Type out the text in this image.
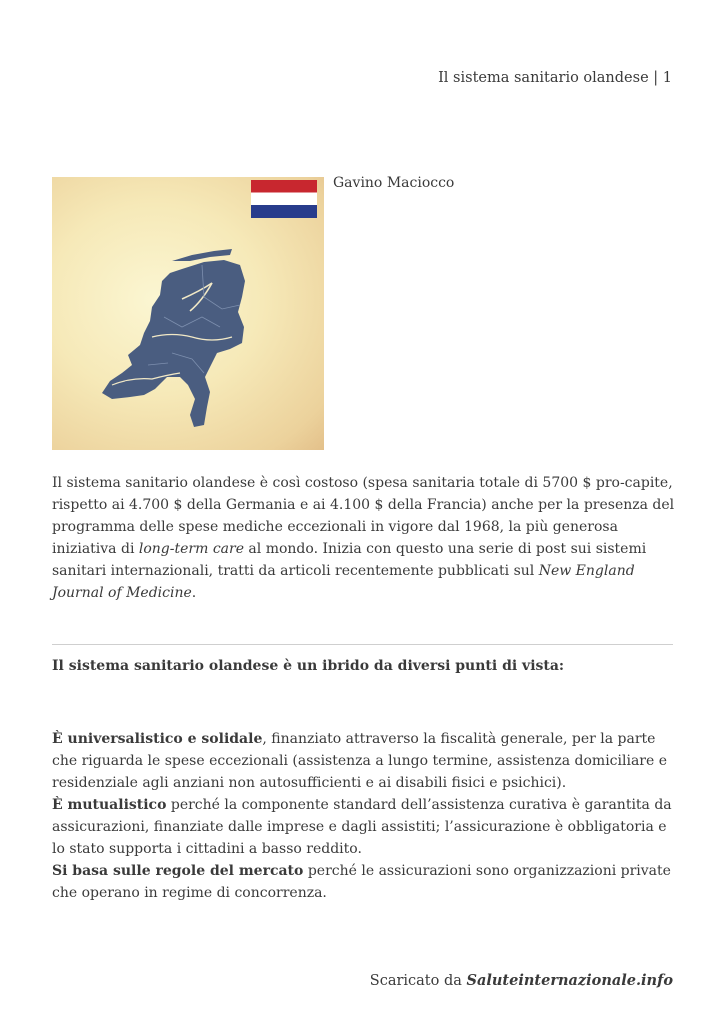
Il sistema sanitario olandese | 1
Gavino Maciocco
Il sistema sanitario olandese è così costoso (spesa sanitaria totale di 5700 $ pro-capite, rispetto ai 4.700 $ della Germania e ai 4.100 $ della Francia) anche per la presenza del programma delle spese mediche eccezionali in vigore dal 1968, la più generosa iniziativa di long-term care al mondo. Inizia con questo una serie di post sui sistemi sanitari internazionali, tratti da articoli recentemente pubblicati sul New England Journal of Medicine.
Il sistema sanitario olandese è un ibrido da diversi punti di vista:

È universalistico e solidale, finanziato attraverso la fiscalità generale, per la parte che riguarda le spese eccezionali (assistenza a lungo termine, assistenza domiciliare e residenziale agli anziani non autosufficienti e ai disabili fisici e psichici).

È mutualistico perché la componente standard dell’assistenza curativa è garantita da assicurazioni, finanziate dalle imprese e dagli assistiti; l’assicurazione è obbligatoria e lo stato supporta i cittadini a basso reddito.

Si basa sulle regole del mercato perché le assicurazioni sono organizzazioni private che operano in regime di concorrenza.

Scaricato da Saluteinternazionale.info
